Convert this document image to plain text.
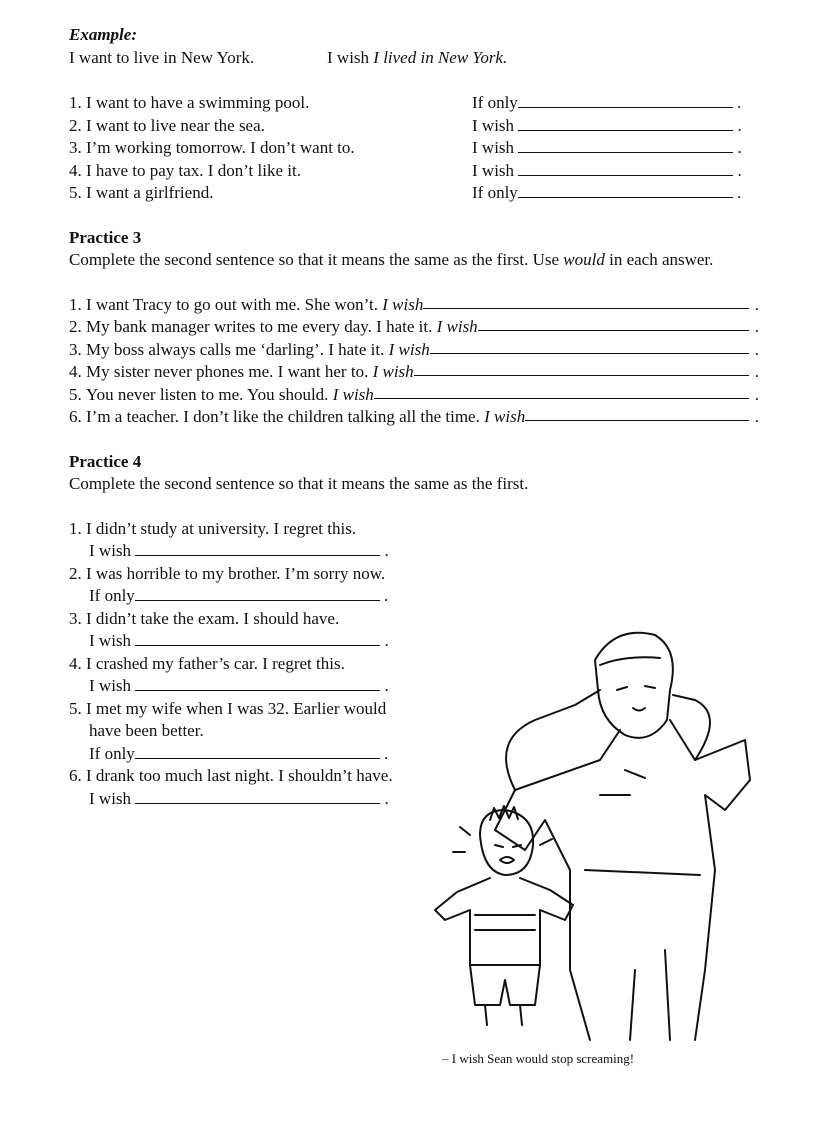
Example:
I want to live in New York.	I wish I lived in New York.
1. I want to have a swimming pool.	If only	.
2. I want to live near the sea.	I wish	.
3. I’m working tomorrow. I don’t want to.	I wish	.
4. I have to pay tax. I don’t like it.	I wish	.
5. I want a girlfriend.	If only	.
Practice 3
Complete the second sentence so that it means the same as the first. Use would in each answer.
1.
I want Tracy to go out with me. She won’t. I wish	.
2.
My bank manager writes to me every day. I hate it. I wish	.
3.
My boss always calls me ‘darling’. I hate it. I wish	.
4.
My sister never phones me. I want her to. I wish	.
5.
You never listen to me. You should. I wish	.
6.
I’m a teacher. I don’t like the children talking all the time. I wish	.
Practice 4
Complete the second sentence so that it means the same as the first.
1. I didn’t study at university. I regret this.
I wish	.
2. I was horrible to my brother. I’m sorry now.
If only	.
3. I didn’t take the exam. I should have.
I wish	.
4. I crashed my father’s car. I regret this.
I wish	.
5. I met my wife when I was 32. Earlier would
have been better.
If only	.
6. I drank too much last night. I shouldn’t have.
I wish	.
– I wish Sean would stop screaming!
